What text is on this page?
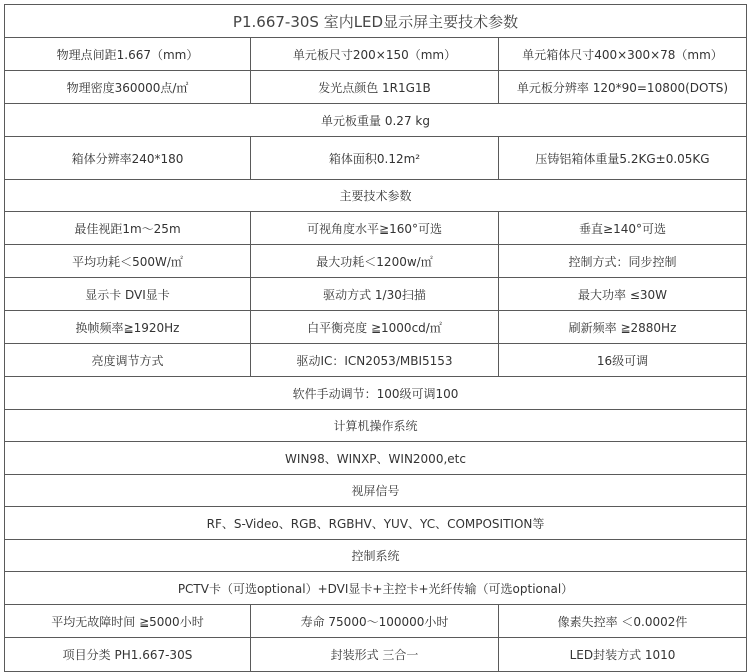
P1.667-30S 室内LED显示屏主要技术参数		
物理点间距1.667（mm）	单元板尺寸200×150（mm）	单元箱体尺寸400×300×78（mm）
物理密度360000点/㎡	发光点颜色 1R1G1B	单元板分辨率 120*90=10800(DOTS)
单元板重量 0.27 kg		
箱体分辨率240*180	箱体面积0.12m²	压铸铝箱体重量5.2KG±0.05KG
主要技术参数		
最佳视距1m～25m	可视角度水平≧160°可选	垂直≥140°可选
平均功耗＜500W/㎡	最大功耗＜1200w/㎡	控制方式：同步控制
显示卡 DVI显卡	驱动方式 1/30扫描	最大功率 ≤30W
换帧频率≧1920Hz	白平衡亮度 ≧1000cd/㎡	刷新频率 ≧2880Hz
亮度调节方式	驱动IC：ICN2053/MBI5153	16级可调
软件手动调节：100级可调100		
计算机操作系统		
WIN98、WINXP、WIN2000,etc		
视屏信号		
RF、S-Video、RGB、RGBHV、YUV、YC、COMPOSITION等		
控制系统		
PCTV卡（可选optional）+DVI显卡+主控卡+光纤传输（可选optional）		
平均无故障时间 ≧5000小时	寿命 75000～100000小时	像素失控率 ＜0.0002件
项目分类 PH1.667-30S	封装形式 三合一	LED封装方式 1010
